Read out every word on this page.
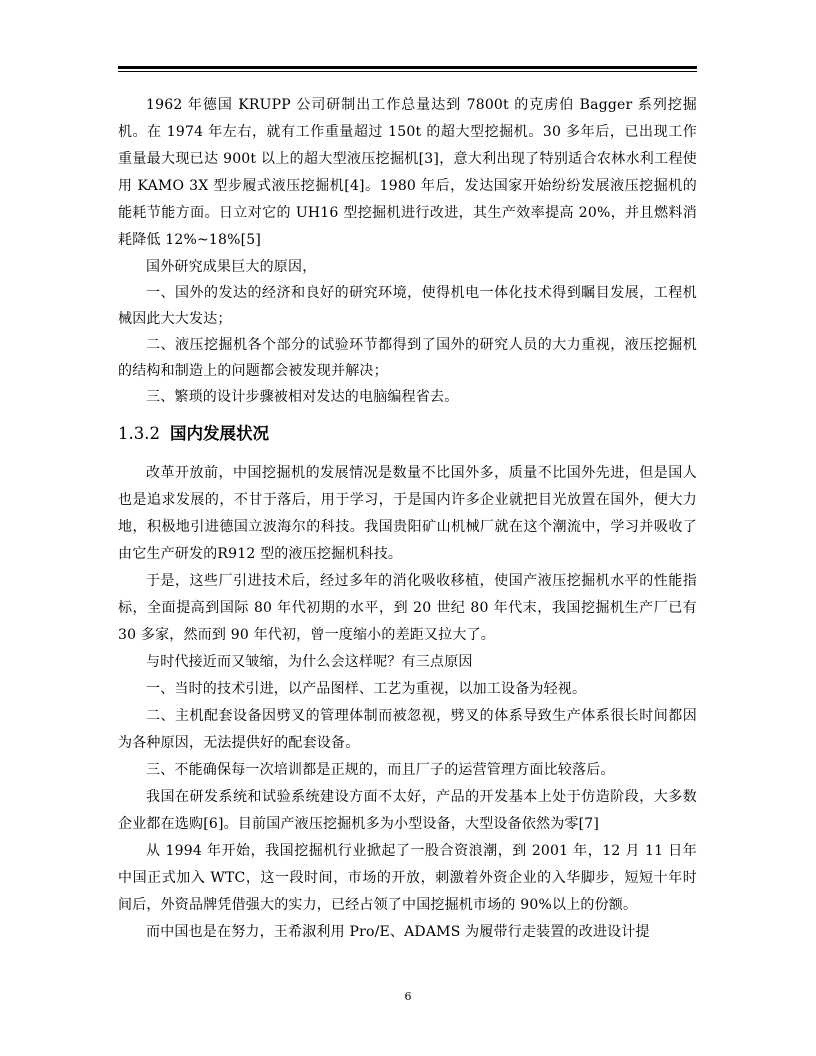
1962 年德国 KRUPP 公司研制出工作总量达到 7800t 的克虏伯 Bagger 系列挖掘机。在 1974 年左右，就有工作重量超过 150t 的超大型挖掘机。30 多年后，已出现工作重量最大现已达 900t 以上的超大型液压挖掘机[3]，意大利出现了特别适合农林水利工程使用 KAMO 3X 型步履式液压挖掘机[4]。1980 年后，发达国家开始纷纷发展液压挖掘机的能耗节能方面。日立对它的 UH16 型挖掘机进行改进，其生产效率提高 20%，并且燃料消耗降低 12%~18%[5]

国外研究成果巨大的原因，

一、国外的发达的经济和良好的研究环境，使得机电一体化技术得到瞩目发展，工程机械因此大大发达；

二、液压挖掘机各个部分的试验环节都得到了国外的研究人员的大力重视，液压挖掘机的结构和制造上的问题都会被发现并解决；

三、繁琐的设计步骤被相对发达的电脑编程省去。

1.3.2 国内发展状况

改革开放前，中国挖掘机的发展情况是数量不比国外多，质量不比国外先进，但是国人也是追求发展的，不甘于落后，用于学习，于是国内许多企业就把目光放置在国外，便大力地，积极地引进德国立波海尔的科技。我国贵阳矿山机械厂就在这个潮流中，学习并吸收了由它生产研发的R912 型的液压挖掘机科技。

于是，这些厂引进技术后，经过多年的消化吸收移植，使国产液压挖掘机水平的性能指标，全面提高到国际 80 年代初期的水平，到 20 世纪 80 年代末，我国挖掘机生产厂已有 30 多家，然而到 90 年代初，曾一度缩小的差距又拉大了。

与时代接近而又皱缩，为什么会这样呢？有三点原因

一、当时的技术引进，以产品图样、工艺为重视，以加工设备为轻视。

二、主机配套设备因劈叉的管理体制而被忽视，劈叉的体系导致生产体系很长时间都因为各种原因，无法提供好的配套设备。

三、不能确保每一次培训都是正规的，而且厂子的运营管理方面比较落后。

我国在研发系统和试验系统建设方面不太好，产品的开发基本上处于仿造阶段，大多数企业都在选购[6]。目前国产液压挖掘机多为小型设备，大型设备依然为零[7]

从 1994 年开始，我国挖掘机行业掀起了一股合资浪潮，到 2001 年，12 月 11 日年中国正式加入 WTC，这一段时间，市场的开放，刺激着外资企业的入华脚步，短短十年时间后，外资品牌凭借强大的实力，已经占领了中国挖掘机市场的 90%以上的份额。

而中国也是在努力，王希淑利用 Pro/E、ADAMS 为履带行走装置的改进设计提

6
